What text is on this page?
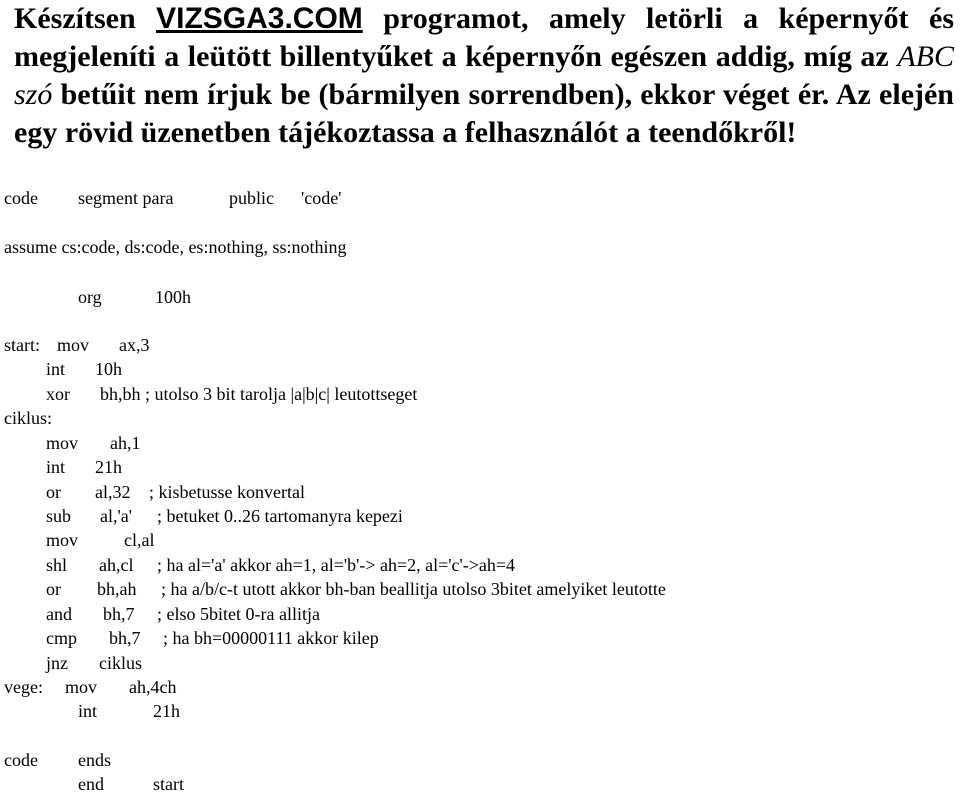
Készítsen VIZSGA3.COM programot, amely letörli a képernyőt és megjeleníti a leütött billentyűket a képernyőn egészen addig, míg az ABC szó betűit nem írjuk be (bármilyen sorrendben), ekkor véget ér. Az elején egy rövid üzenetben tájékoztassa a felhasználót a teendőkről!

code segment para	public 'code'
assume cs:code, ds:code, es:nothing, ss:nothing
org	100h
start: mov ax,3
int 10h
xor bh,bh ; utolso 3 bit tarolja |a|b|c| leutottseget
ciklus:
mov ah,1
int 21h
or al,32 ; kisbetusse konvertal
sub al,'a' ; betuket 0..26 tartomanyra kepezi
mov	cl,al
shl ah,cl ; ha al='a' akkor ah=1, al='b'-> ah=2, al='c'->ah=4
or bh,ah ; ha a/b/c-t utott akkor bh-ban beallitja utolso 3bitet amelyiket leutotte
and bh,7 ; elso 5bitet 0-ra allitja
cmp bh,7 ; ha bh=00000111 akkor kilep
jnz ciklus
vege: mov ah,4ch
int	21h
code ends
end	start
